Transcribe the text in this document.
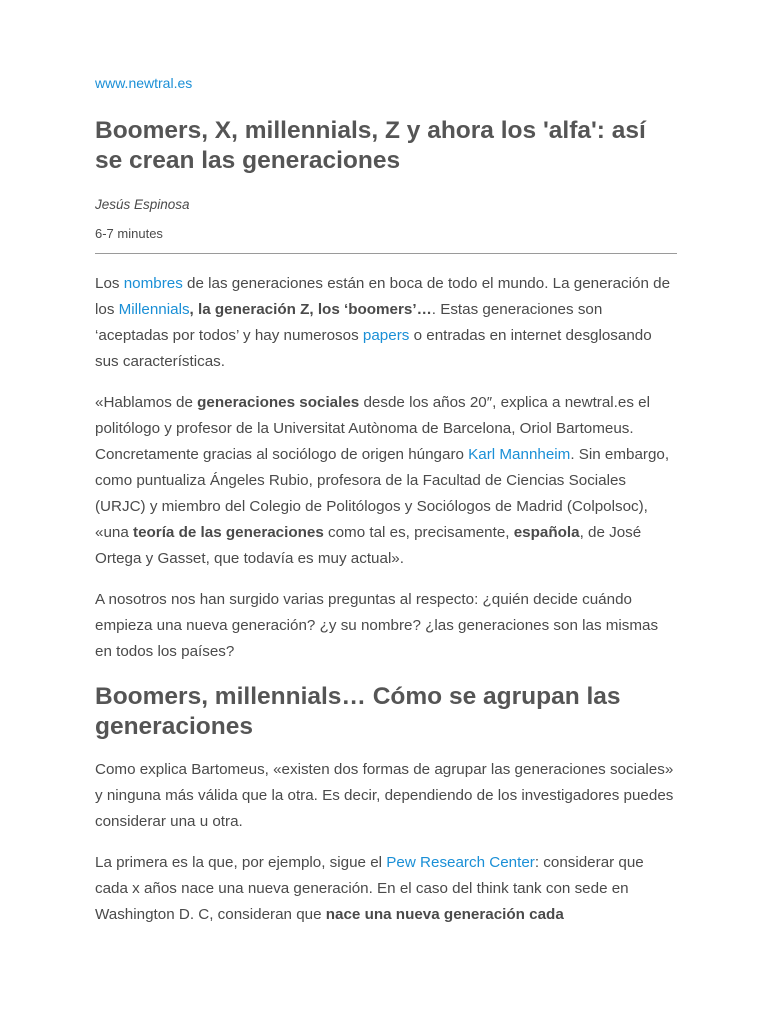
www.newtral.es
Boomers, X, millennials, Z y ahora los 'alfa': así se crean las generaciones
Jesús Espinosa
6-7 minutes

Los nombres de las generaciones están en boca de todo el mundo. La generación de los Millennials, la generación Z, los ‘boomers’…. Estas generaciones son ‘aceptadas por todos’ y hay numerosos papers o entradas en internet desglosando sus características.

«Hablamos de generaciones sociales desde los años 20″, explica a newtral.es el politólogo y profesor de la Universitat Autònoma de Barcelona, Oriol Bartomeus. Concretamente gracias al sociólogo de origen húngaro Karl Mannheim. Sin embargo, como puntualiza Ángeles Rubio, profesora de la Facultad de Ciencias Sociales (URJC) y miembro del Colegio de Politólogos y Sociólogos de Madrid (Colpolsoc), «una teoría de las generaciones como tal es, precisamente, española, de José Ortega y Gasset, que todavía es muy actual».

A nosotros nos han surgido varias preguntas al respecto: ¿quién decide cuándo empieza una nueva generación? ¿y su nombre? ¿las generaciones son las mismas en todos los países?

Boomers, millennials… Cómo se agrupan las generaciones

Como explica Bartomeus, «existen dos formas de agrupar las generaciones sociales» y ninguna más válida que la otra. Es decir, dependiendo de los investigadores puedes considerar una u otra.

La primera es la que, por ejemplo, sigue el Pew Research Center: considerar que cada x años nace una nueva generación. En el caso del think tank con sede en Washington D. C, consideran que nace una nueva generación cada
